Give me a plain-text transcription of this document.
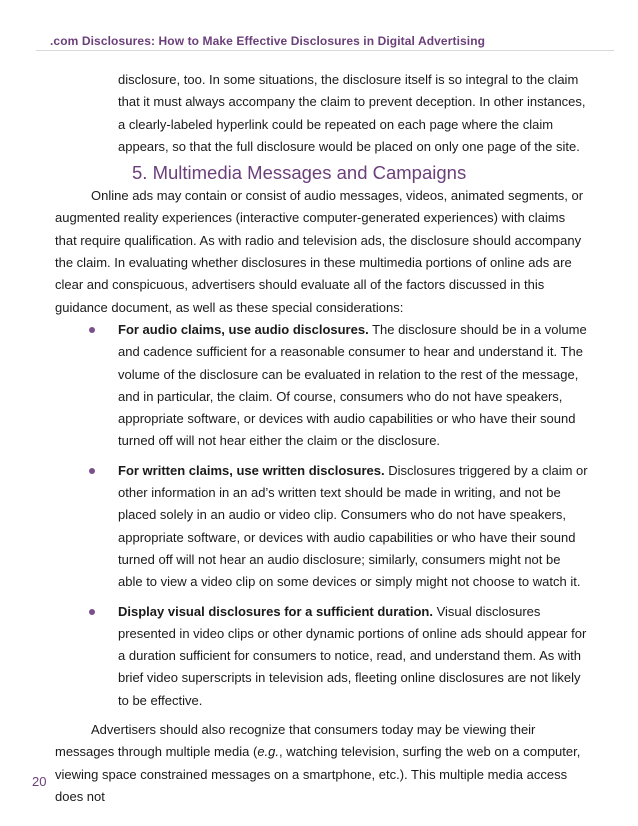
.com Disclosures: How to Make Effective Disclosures in Digital Advertising

disclosure, too. In some situations, the disclosure itself is so integral to the claim that it must always accompany the claim to prevent deception. In other instances, a clearly-labeled hyperlink could be repeated on each page where the claim appears, so that the full disclosure would be placed on only one page of the site.

5. Multimedia Messages and Campaigns

Online ads may contain or consist of audio messages, videos, animated segments, or augmented reality experiences (interactive computer-generated experiences) with claims that require qualification. As with radio and television ads, the disclosure should accompany the claim. In evaluating whether disclosures in these multimedia portions of online ads are clear and conspicuous, advertisers should evaluate all of the factors discussed in this guidance document, as well as these special considerations:

For audio claims, use audio disclosures. The disclosure should be in a volume and cadence sufficient for a reasonable consumer to hear and understand it. The volume of the disclosure can be evaluated in relation to the rest of the message, and in particular, the claim. Of course, consumers who do not have speakers, appropriate software, or devices with audio capabilities or who have their sound turned off will not hear either the claim or the disclosure.
For written claims, use written disclosures. Disclosures triggered by a claim or other information in an ad’s written text should be made in writing, and not be placed solely in an audio or video clip. Consumers who do not have speakers, appropriate software, or devices with audio capabilities or who have their sound turned off will not hear an audio disclosure; similarly, consumers might not be able to view a video clip on some devices or simply might not choose to watch it.
Display visual disclosures for a sufficient duration. Visual disclosures presented in video clips or other dynamic portions of online ads should appear for a duration sufficient for consumers to notice, read, and understand them. As with brief video superscripts in television ads, fleeting online disclosures are not likely to be effective.

Advertisers should also recognize that consumers today may be viewing their messages through multiple media (e.g., watching television, surfing the web on a computer, viewing space constrained messages on a smartphone, etc.). This multiple media access does not

20
